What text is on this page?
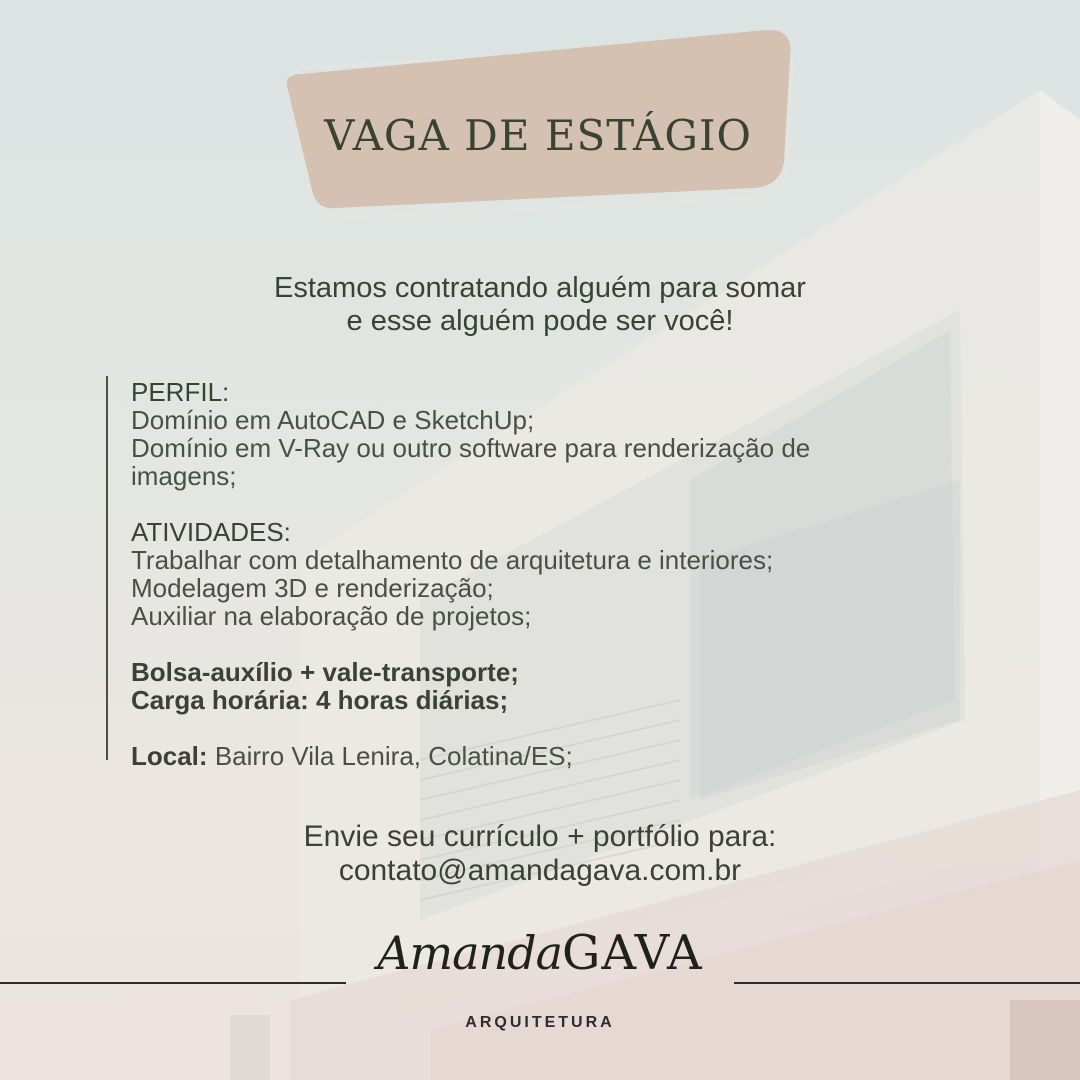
VAGA DE ESTÁGIO
Estamos contratando alguém para somar
e esse alguém pode ser você!
PERFIL:
Domínio em AutoCAD e SketchUp;
Domínio em V-Ray ou outro software para renderização de
imagens;
ATIVIDADES:
Trabalhar com detalhamento de arquitetura e interiores;
Modelagem 3D e renderização;
Auxiliar na elaboração de projetos;
Bolsa-auxílio + vale-transporte;
Carga horária: 4 horas diárias;
Local: Bairro Vila Lenira, Colatina/ES;
Envie seu currículo + portfólio para:
contato@amandagava.com.br
AmandaGAVA
ARQUITETURA
